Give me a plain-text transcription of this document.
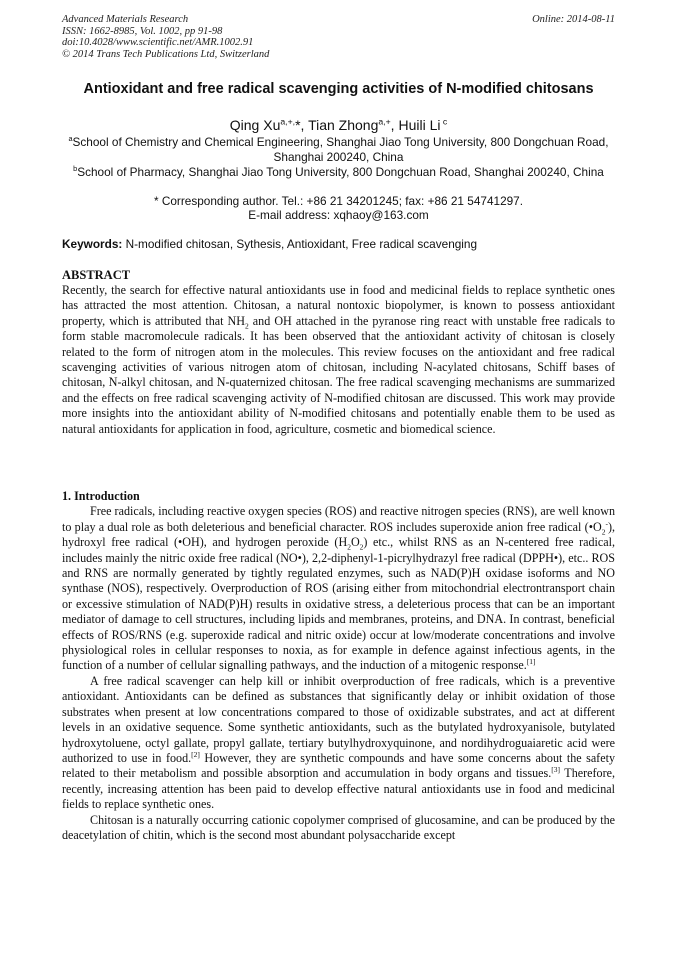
Advanced Materials Research
ISSN: 1662-8985, Vol. 1002, pp 91-98
doi:10.4028/www.scientific.net/AMR.1002.91
© 2014 Trans Tech Publications Ltd, Switzerland
Online: 2014-08-11
Antioxidant and free radical scavenging activities of N-modified chitosans
Qing $Xu^{a,+,}*$, Tian Zhong$^{a,+}$, Huili Li $^c$
$^a$School of Chemistry and Chemical Engineering, Shanghai Jiao Tong University, 800 Dongchuan Road, Shanghai 200240, China
$^b$School of Pharmacy, Shanghai Jiao Tong University, 800 Dongchuan Road, Shanghai 200240, China
* Corresponding author. Tel.: +86 21 34201245; fax: +86 21 54741297.
E-mail address: xqhaoy@163.com
Keywords: N-modified chitosan, Sythesis, Antioxidant, Free radical scavenging
ABSTRACT

Recently, the search for effective natural antioxidants use in food and medicinal fields to replace synthetic ones has attracted the most attention. Chitosan, a natural nontoxic biopolymer, is known to possess antioxidant property, which is attributed that $NH_2$ and OH attached in the pyranose ring react with unstable free radicals to form stable macromolecule radicals. It has been observed that the antioxidant activity of chitosan is closely related to the form of nitrogen atom in the molecules. This review focuses on the antioxidant and free radical scavenging activities of various nitrogen atom of chitosan, including N-acylated chitosans, Schiff bases of chitosan, N-alkyl chitosan, and N-quaternized chitosan. The free radical scavenging mechanisms are summarized and the effects on free radical scavenging activity of N-modified chitosan are discussed. This work may provide more insights into the antioxidant ability of N-modified chitosans and potentially enable them to be used as natural antioxidants for application in food, agriculture, cosmetic and biomedical science.

1. Introduction

Free radicals, including reactive oxygen species (ROS) and reactive nitrogen species (RNS), are well known to play a dual role as both deleterious and beneficial character. ROS includes superoxide anion free radical $(•O_2^-)$, hydroxyl free radical (•OH), and hydrogen peroxide $(H_2O_2)$ etc., whilst RNS as an N-centered free radical, includes mainly the nitric oxide free radical (NO•), 2,2-diphenyl-1-picrylhydrazyl free radical (DPPH•), etc.. ROS and RNS are normally generated by tightly regulated enzymes, such as NAD(P)H oxidase isoforms and NO synthase (NOS), respectively. Overproduction of ROS (arising either from mitochondrial electrontransport chain or excessive stimulation of NAD(P)H) results in oxidative stress, a deleterious process that can be an important mediator of damage to cell structures, including lipids and membranes, proteins, and DNA. In contrast, beneficial effects of ROS/RNS (e.g. superoxide radical and nitric oxide) occur at low/moderate concentrations and involve physiological roles in cellular responses to noxia, as for example in defence against infectious agents, in the function of a number of cellular signalling pathways, and the induction of a mitogenic response.[1]

A free radical scavenger can help kill or inhibit overproduction of free radicals, which is a preventive antioxidant. Antioxidants can be defined as substances that significantly delay or inhibit oxidation of those substrates when present at low concentrations compared to those of oxidizable substrates, and act at different levels in an oxidative sequence. Some synthetic antioxidants, such as the butylated hydroxyanisole, butylated hydroxytoluene, octyl gallate, propyl gallate, tertiary butylhydroxyquinone, and nordihydroguaiaretic acid were authorized to use in food.[2] However, they are synthetic compounds and have some concerns about the safety related to their metabolism and possible absorption and accumulation in body organs and tissues.[3] Therefore, recently, increasing attention has been paid to develop effective natural antioxidants use in food and medicinal fields to replace synthetic ones.

Chitosan is a naturally occurring cationic copolymer comprised of glucosamine, and can be produced by the deacetylation of chitin, which is the second most abundant polysaccharide except
